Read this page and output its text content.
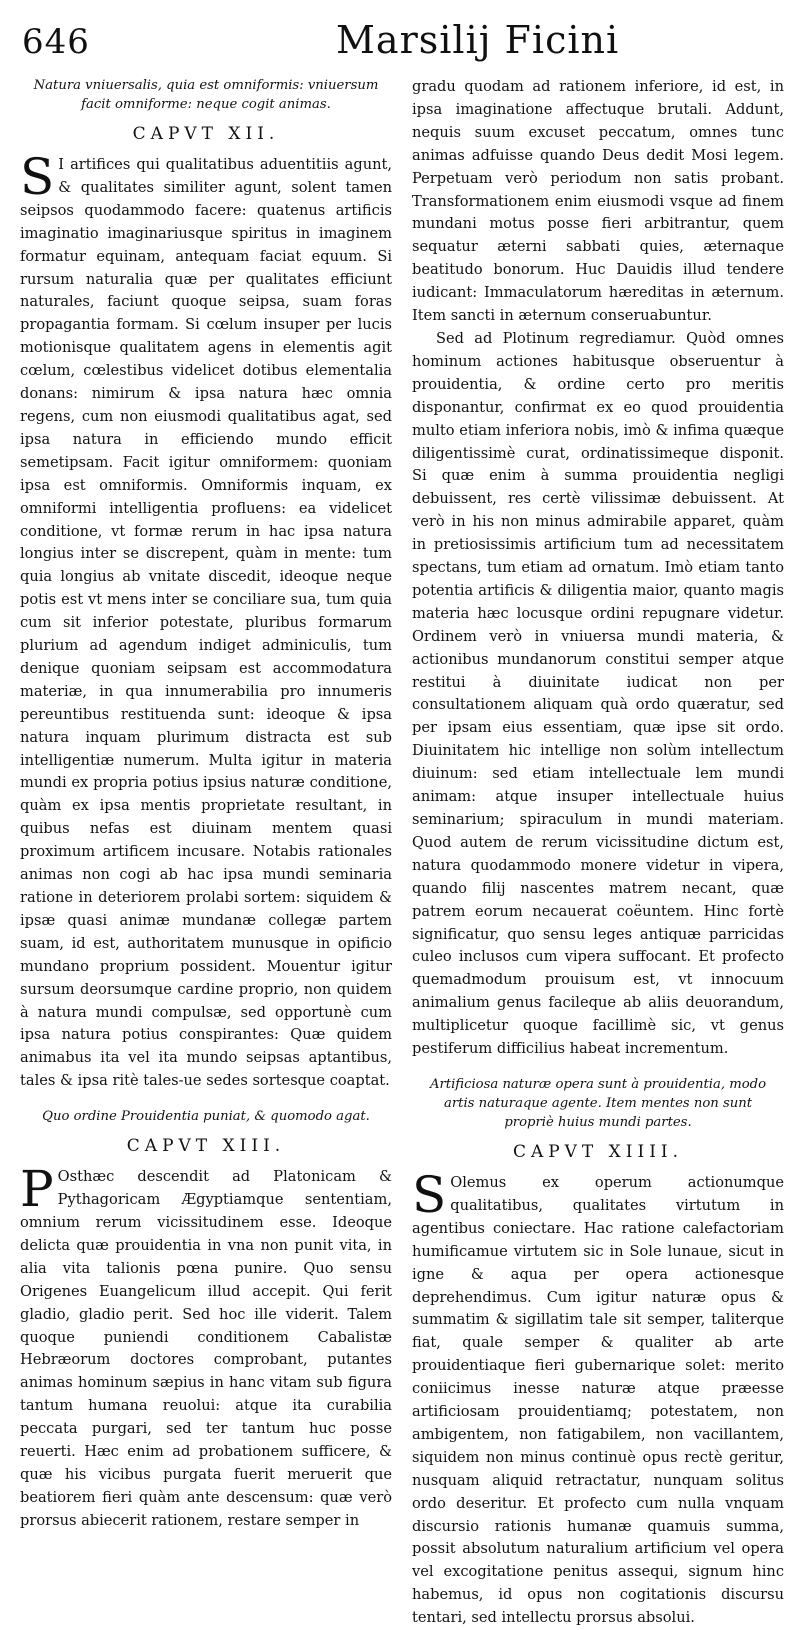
646	Marsilij Ficini
Natura vniuersalis, quia est omniformis: vniuersum facit omniforme: neque cogit animas.
CAPVT XII.

SI artifices qui qualitatibus aduentitiis agunt, & qualitates similiter agunt, solent tamen seipsos quodammodo facere: quatenus artificis imaginatio imaginariusque spiritus in imaginem formatur equinam, antequam faciat equum. Si rursum naturalia quæ per qualitates efficiunt naturales, faciunt quoque seipsa, suam foras propagantia formam. Si cœlum insuper per lucis motionisque qualitatem agens in elementis agit cœlum, cœlestibus videlicet dotibus elementalia donans: nimirum & ipsa natura hæc omnia regens, cum non eiusmodi qualitatibus agat, sed ipsa natura in efficiendo mundo efficit semetipsam. Facit igitur omniformem: quoniam ipsa est omniformis. Omniformis inquam, ex omniformi intelligentia profluens: ea videlicet conditione, vt formæ rerum in hac ipsa natura longius inter se discrepent, quàm in mente: tum quia longius ab vnitate discedit, ideoque neque potis est vt mens inter se conciliare sua, tum quia cum sit inferior potestate, pluribus formarum plurium ad agendum indiget adminiculis, tum denique quoniam seipsam est accommodatura materiæ, in qua innumerabilia pro innumeris pereuntibus restituenda sunt: ideoque & ipsa natura inquam plurimum distracta est sub intelligentiæ numerum. Multa igitur in materia mundi ex propria potius ipsius naturæ conditione, quàm ex ipsa mentis proprietate resultant, in quibus nefas est diuinam mentem quasi proximum artificem incusare. Notabis rationales animas non cogi ab hac ipsa mundi seminaria ratione in deteriorem prolabi sortem: siquidem & ipsæ quasi animæ mundanæ collegæ partem suam, id est, authoritatem munusque in opificio mundano proprium possident. Mouentur igitur sursum deorsumque cardine proprio, non quidem à natura mundi compulsæ, sed opportunè cum ipsa natura potius conspirantes: Quæ quidem animabus ita vel ita mundo seipsas aptantibus, tales & ipsa ritè tales-ue sedes sortesque coaptat.

Quo ordine Prouidentia puniat, & quomodo agat.
CAPVT XIII.

POsthæc descendit ad Platonicam & Pythagoricam Ægyptiamque sententiam, omnium rerum vicissitudinem esse. Ideoque delicta quæ prouidentia in vna non punit vita, in alia vita talionis pœna punire. Quo sensu Origenes Euangelicum illud accepit. Qui ferit gladio, gladio perit. Sed hoc ille viderit. Talem quoque puniendi conditionem Cabalistæ Hebræorum doctores comprobant, putantes animas hominum sæpius in hanc vitam sub figura tantum humana reuolui: atque ita curabilia peccata purgari, sed ter tantum huc posse reuerti. Hæc enim ad probationem sufficere, & quæ his vicibus purgata fuerit meruerit que beatiorem fieri quàm ante descensum: quæ verò prorsus abiecerit rationem, restare semper in

gradu quodam ad rationem inferiore, id est, in ipsa imaginatione affectuque brutali. Addunt, nequis suum excuset peccatum, omnes tunc animas adfuisse quando Deus dedit Mosi legem. Perpetuam verò periodum non satis probant. Transformationem enim eiusmodi vsque ad finem mundani motus posse fieri arbitrantur, quem sequatur æterni sabbati quies, æternaque beatitudo bonorum. Huc Dauidis illud tendere iudicant: Immaculatorum hæreditas in æternum. Item sancti in æternum conseruabuntur.

Sed ad Plotinum regrediamur. Quòd omnes hominum actiones habitusque obseruentur à prouidentia, & ordine certo pro meritis disponantur, confirmat ex eo quod prouidentia multo etiam inferiora nobis, imò & infima quæque diligentissimè curat, ordinatissimeque disponit. Si quæ enim à summa prouidentia negligi debuissent, res certè vilissimæ debuissent. At verò in his non minus admirabile apparet, quàm in pretiosissimis artificium tum ad necessitatem spectans, tum etiam ad ornatum. Imò etiam tanto potentia artificis & diligentia maior, quanto magis materia hæc locusque ordini repugnare videtur. Ordinem verò in vniuersa mundi materia, & actionibus mundanorum constitui semper atque restitui à diuinitate iudicat non per consultationem aliquam quà ordo quæratur, sed per ipsam eius essentiam, quæ ipse sit ordo. Diuinitatem hic intellige non solùm intellectum diuinum: sed etiam intellectuale lem mundi animam: atque insuper intellectuale huius seminarium; spiraculum in mundi materiam. Quod autem de rerum vicissitudine dictum est, natura quodammodo monere videtur in vipera, quando filij nascentes matrem necant, quæ patrem eorum necauerat coëuntem. Hinc fortè significatur, quo sensu leges antiquæ parricidas culeo inclusos cum vipera suffocant. Et profecto quemadmodum prouisum est, vt innocuum animalium genus facileque ab aliis deuorandum, multiplicetur quoque facillimè sic, vt genus pestiferum difficilius habeat incrementum.

Artificiosa naturæ opera sunt à prouidentia, modo artis naturaque agente. Item mentes non sunt propriè huius mundi partes.
CAPVT XIIII.

SOlemus ex operum actionumque qualitatibus, qualitates virtutum in agentibus coniectare. Hac ratione calefactoriam humificamue virtutem sic in Sole lunaue, sicut in igne & aqua per opera actionesque deprehendimus. Cum igitur naturæ opus & summatim & sigillatim tale sit semper, taliterque fiat, quale semper & qualiter ab arte prouidentiaque fieri gubernarique solet: merito coniicimus inesse naturæ atque præesse artificiosam prouidentiamq; potestatem, non ambigentem, non fatigabilem, non vacillantem, siquidem non minus continuè opus rectè geritur, nusquam aliquid retractatur, nunquam solitus ordo deseritur. Et profecto cum nulla vnquam discursio rationis humanæ quamuis summa, possit absolutum naturalium artificium vel opera vel excogitatione penitus assequi, signum hinc habemus, id opus non cogitationis discursu tentari, sed intellectu prorsus absolui.
